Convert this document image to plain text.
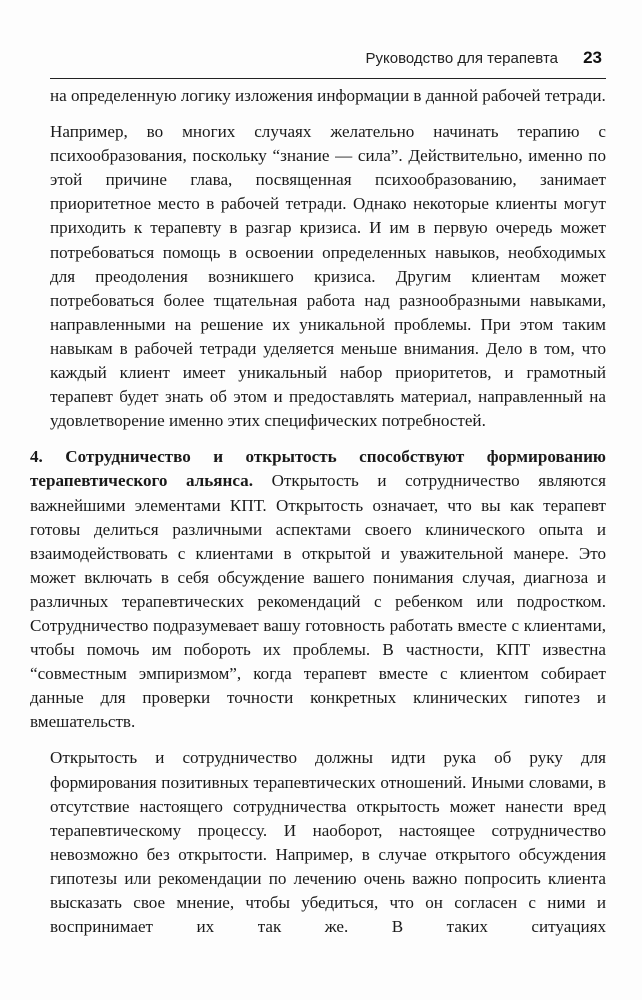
Руководство для терапевта 23
на определенную логику изложения информации в данной рабочей тетради.
Например, во многих случаях желательно начинать терапию с психообразования, поскольку “знание — сила”. Действительно, именно по этой причине глава, посвященная психообразованию, занимает приоритетное место в рабочей тетради. Однако некоторые клиенты могут приходить к терапевту в разгар кризиса. И им в первую очередь может потребоваться помощь в освоении определенных навыков, необходимых для преодоления возникшего кризиса. Другим клиентам может потребоваться более тщательная работа над разнообразными навыками, направленными на решение их уникальной проблемы. При этом таким навыкам в рабочей тетради уделяется меньше внимания. Дело в том, что каждый клиент имеет уникальный набор приоритетов, и грамотный терапевт будет знать об этом и предоставлять материал, направленный на удовлетворение именно этих специфических потребностей.
4. Сотрудничество и открытость способствуют формированию терапевтического альянса. Открытость и сотрудничество являются важнейшими элементами КПТ. Открытость означает, что вы как терапевт готовы делиться различными аспектами своего клинического опыта и взаимодействовать с клиентами в открытой и уважительной манере. Это может включать в себя обсуждение вашего понимания случая, диагноза и различных терапевтических рекомендаций с ребенком или подростком. Сотрудничество подразумевает вашу готовность работать вместе с клиентами, чтобы помочь им побороть их проблемы. В частности, КПТ известна “совместным эмпиризмом”, когда терапевт вместе с клиентом собирает данные для проверки точности конкретных клинических гипотез и вмешательств.
Открытость и сотрудничество должны идти рука об руку для формирования позитивных терапевтических отношений. Иными словами, в отсутствие настоящего сотрудничества открытость может нанести вред терапевтическому процессу. И наоборот, настоящее сотрудничество невозможно без открытости. Например, в случае открытого обсуждения гипотезы или рекомендации по лечению очень важно попросить клиента высказать свое мнение, чтобы убедиться, что он согласен с ними и воспринимает их так же. В таких ситуациях
